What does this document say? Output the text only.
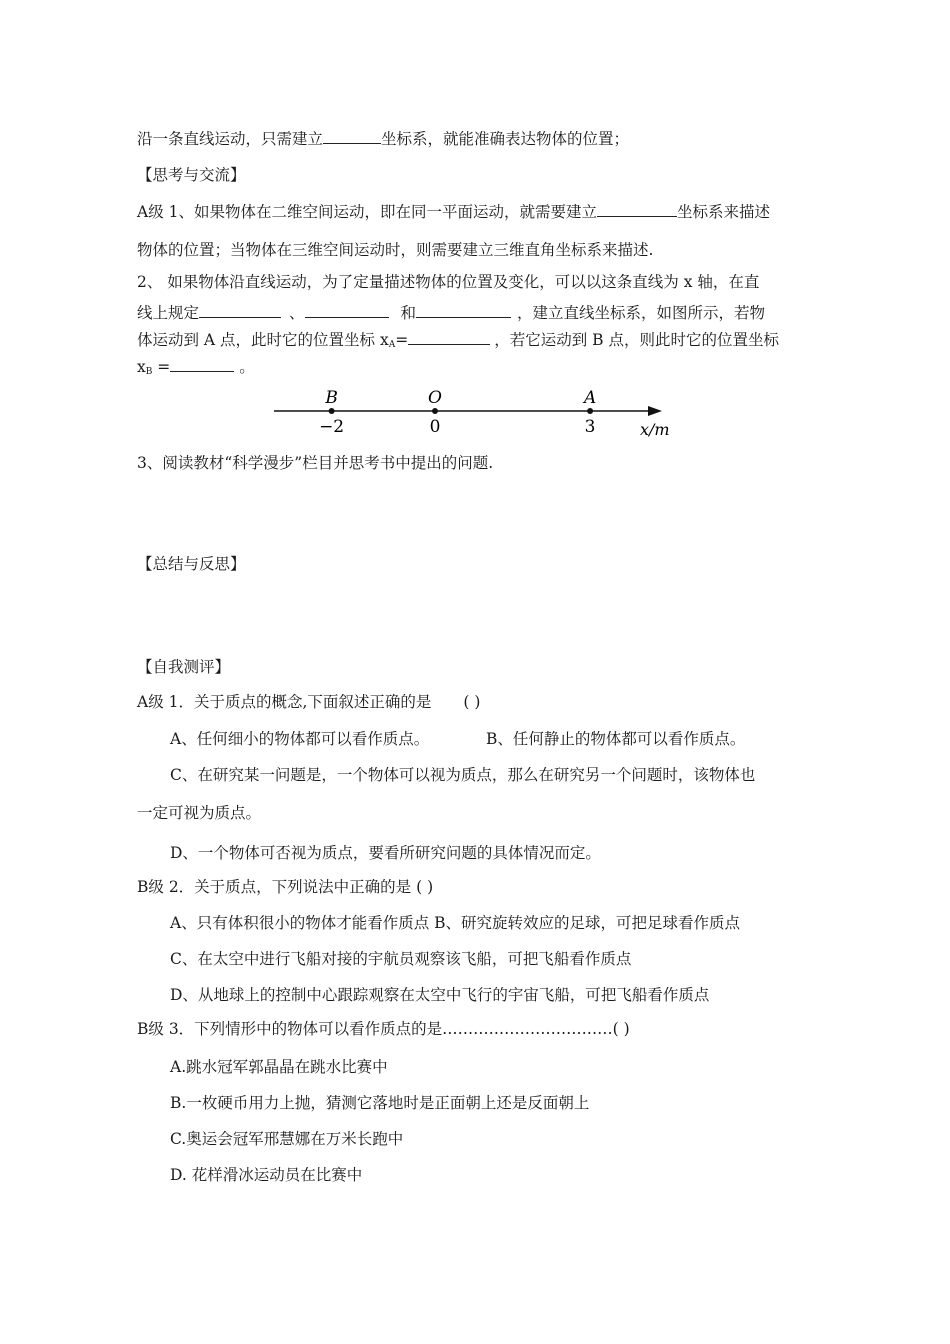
沿一条直线运动，只需建立	坐标系，就能准确表达物体的位置；
【思考与交流】
A级 1、如果物体在二维空间运动，即在同一平面运动，就需要建立	坐标系来描述
物体的位置；当物体在三维空间运动时，则需要建立三维直角坐标系来描述.
2、 如果物体沿直线运动，为了定量描述物体的位置及变化，可以以这条直线为 x 轴，在直
线上规定	、	和	，建立直线坐标系，如图所示，若物
体运动到 A 点，此时它的位置坐标 $x_A=$	，若它运动到 B 点，则此时它的位置坐标
$x_B$ =	。
B
−2
O
0
A
3	x/m
3、阅读教材“科学漫步”栏目并思考书中提出的问题.
【总结与反思】
【自我测评】
A级 1．关于质点的概念,下面叙述正确的是 ( )
A、任何细小的物体都可以看作质点。	B、任何静止的物体都可以看作质点。
C、在研究某一问题是，一个物体可以视为质点，那么在研究另一个问题时，该物体也
一定可视为质点。
D、一个物体可否视为质点，要看所研究问题的具体情况而定。
B级 2．关于质点，下列说法中正确的是 ( )
A、只有体积很小的物体才能看作质点 B、研究旋转效应的足球，可把足球看作质点
C、在太空中进行飞船对接的宇航员观察该飞船，可把飞船看作质点
D、从地球上的控制中心跟踪观察在太空中飞行的宇宙飞船，可把飞船看作质点
B级 3．下列情形中的物体可以看作质点的是……………………………( )
A.跳水冠军郭晶晶在跳水比赛中
B.一枚硬币用力上抛，猜测它落地时是正面朝上还是反面朝上
C.奥运会冠军邢慧娜在万米长跑中
D. 花样滑冰运动员在比赛中
